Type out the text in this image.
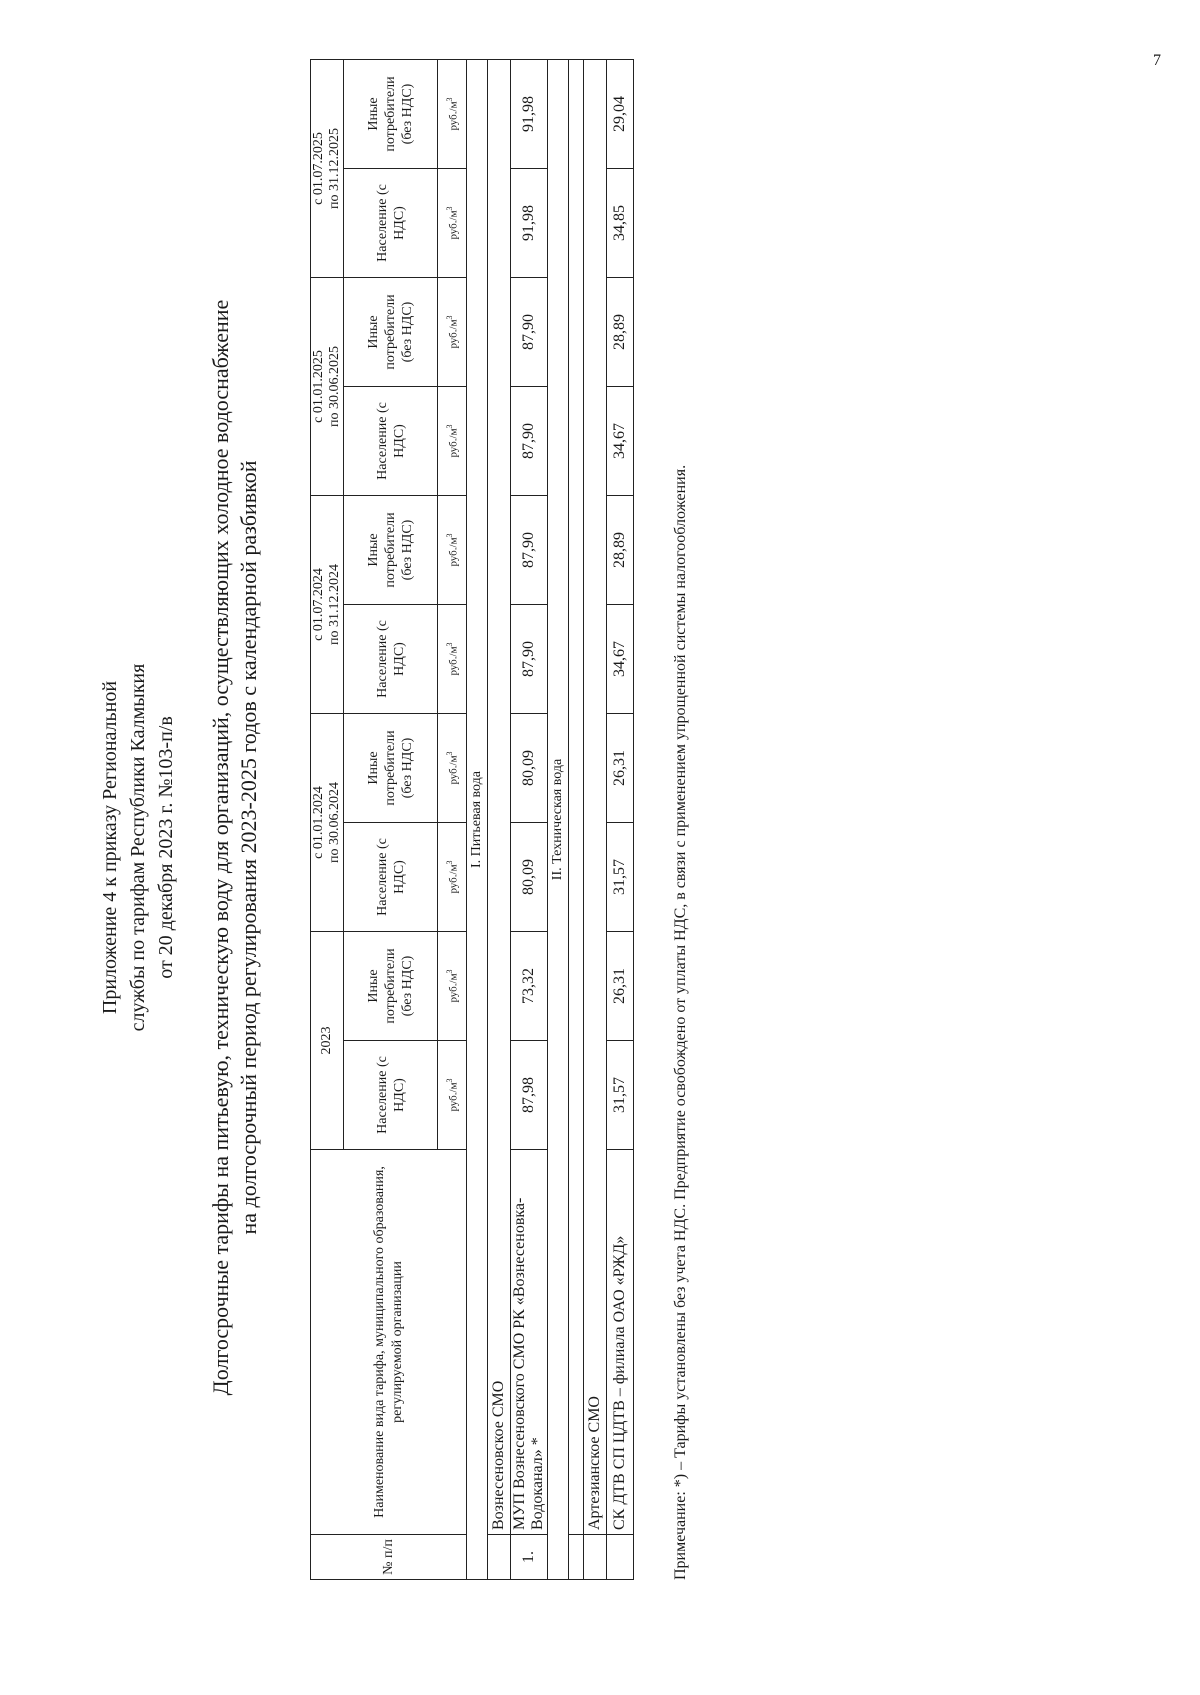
7
Приложение 4 к приказу Региональной службы по тарифам Республики Калмыкия от 20 декабря 2023 г. №103-п/в Долгосрочные тарифы на питьевую, техническую воду для организаций, осуществляющих холодное водоснабжение на долгосрочный период регулирования 2023-2025 годов с календарной разбивкой
№ п/п	Наименование вида тарифа, муниципального образования, регулируемой организации	2023		с 01.01.2024
по 30.06.2024		с 01.07.2024
по 31.12.2024		с 01.01.2025
по 30.06.2025		с 01.07.2025
по 31.12.2025	
		Население (с НДС)	Иные потребители (без НДС)	Население (с НДС)	Иные потребители (без НДС)	Население (с НДС)	Иные потребители (без НДС)	Население (с НДС)	Иные потребители (без НДС)	Население (с НДС)	Иные потребители (без НДС)
		$руб./м^3$	$руб./м^3$	$руб./м^3$	$руб./м^3$	$руб./м^3$	$руб./м^3$	$руб./м^3$	$руб./м^3$	$руб./м^3$	$руб./м^3$
I. Питьевая вода											
	Вознесеновское СМО										
1.	МУП Вознесеновского СМО РК «Вознесеновка-Водоканал» *	87,98	73,32	80,09	80,09	87,90	87,90	87,90	87,90	91,98	91,98
II. Техническая вода											

	Артезианское СМО										
	СК ДТВ СП ЦДТВ – филиала ОАО «РЖД»	31,57	26,31	31,57	26,31	34,67	28,89	34,67	28,89	34,85	29,04
Примечание: *) – Тарифы установлены без учета НДС. Предприятие освобождено от уплаты НДС, в связи с применением упрощенной системы налогообложения.
